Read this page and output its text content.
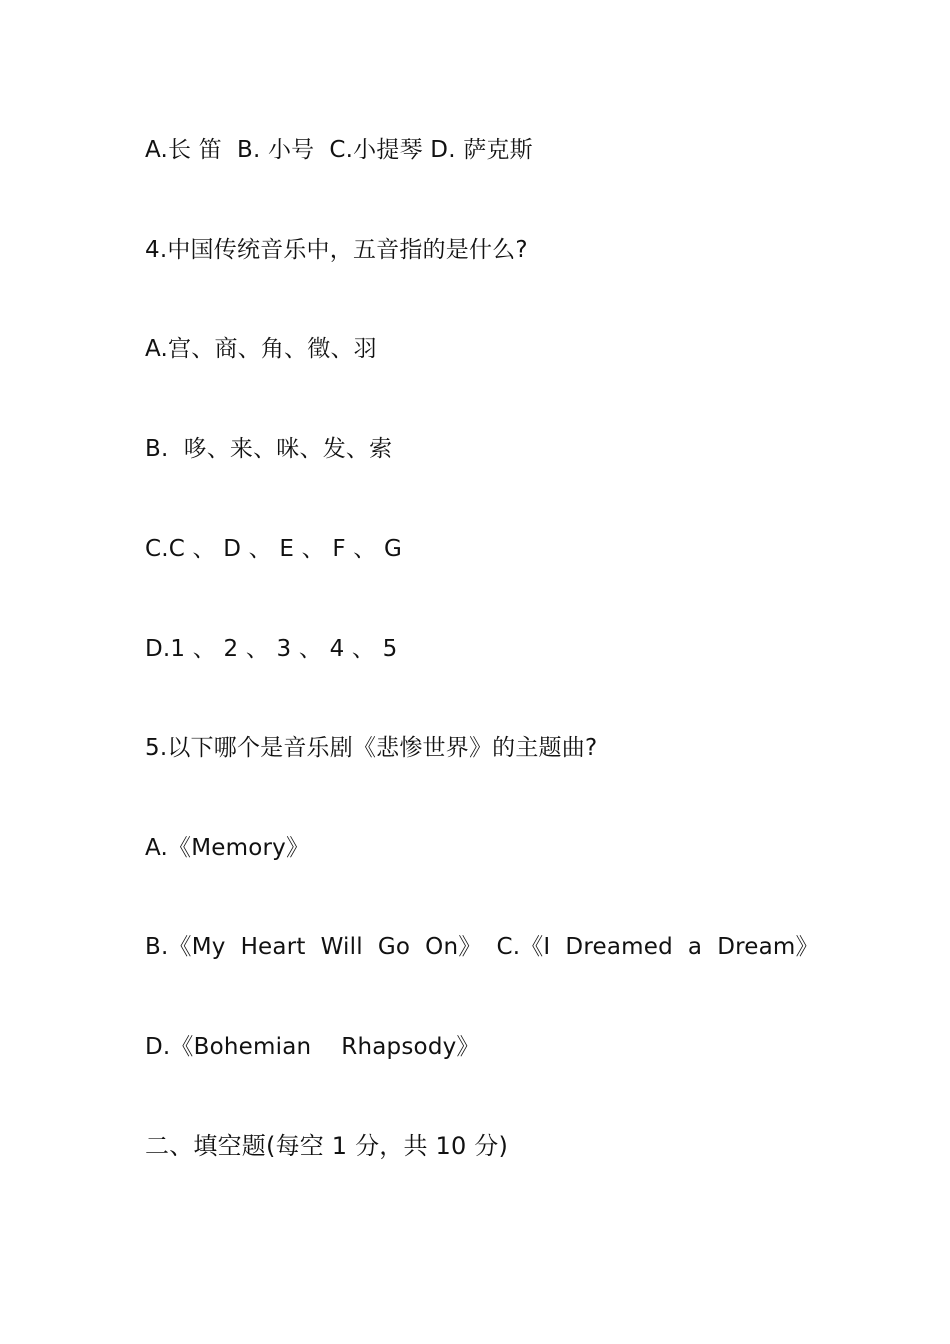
A.长 笛  B. 小号  C.小提琴 D. 萨克斯
4.中国传统音乐中，五音指的是什么?
A.宫、商、角、徵、羽
B.  哆、来、咪、发、索
C.C 、 D 、 E 、 F 、 G
D.1 、 2 、 3 、 4 、 5
5.以下哪个是音乐剧《悲惨世界》的主题曲?
A.《Memory》
B.《My  Heart  Will  Go  On》  C.《I  Dreamed  a  Dream》
D.《Bohemian    Rhapsody》
二、填空题(每空 1 分，共 10 分)
